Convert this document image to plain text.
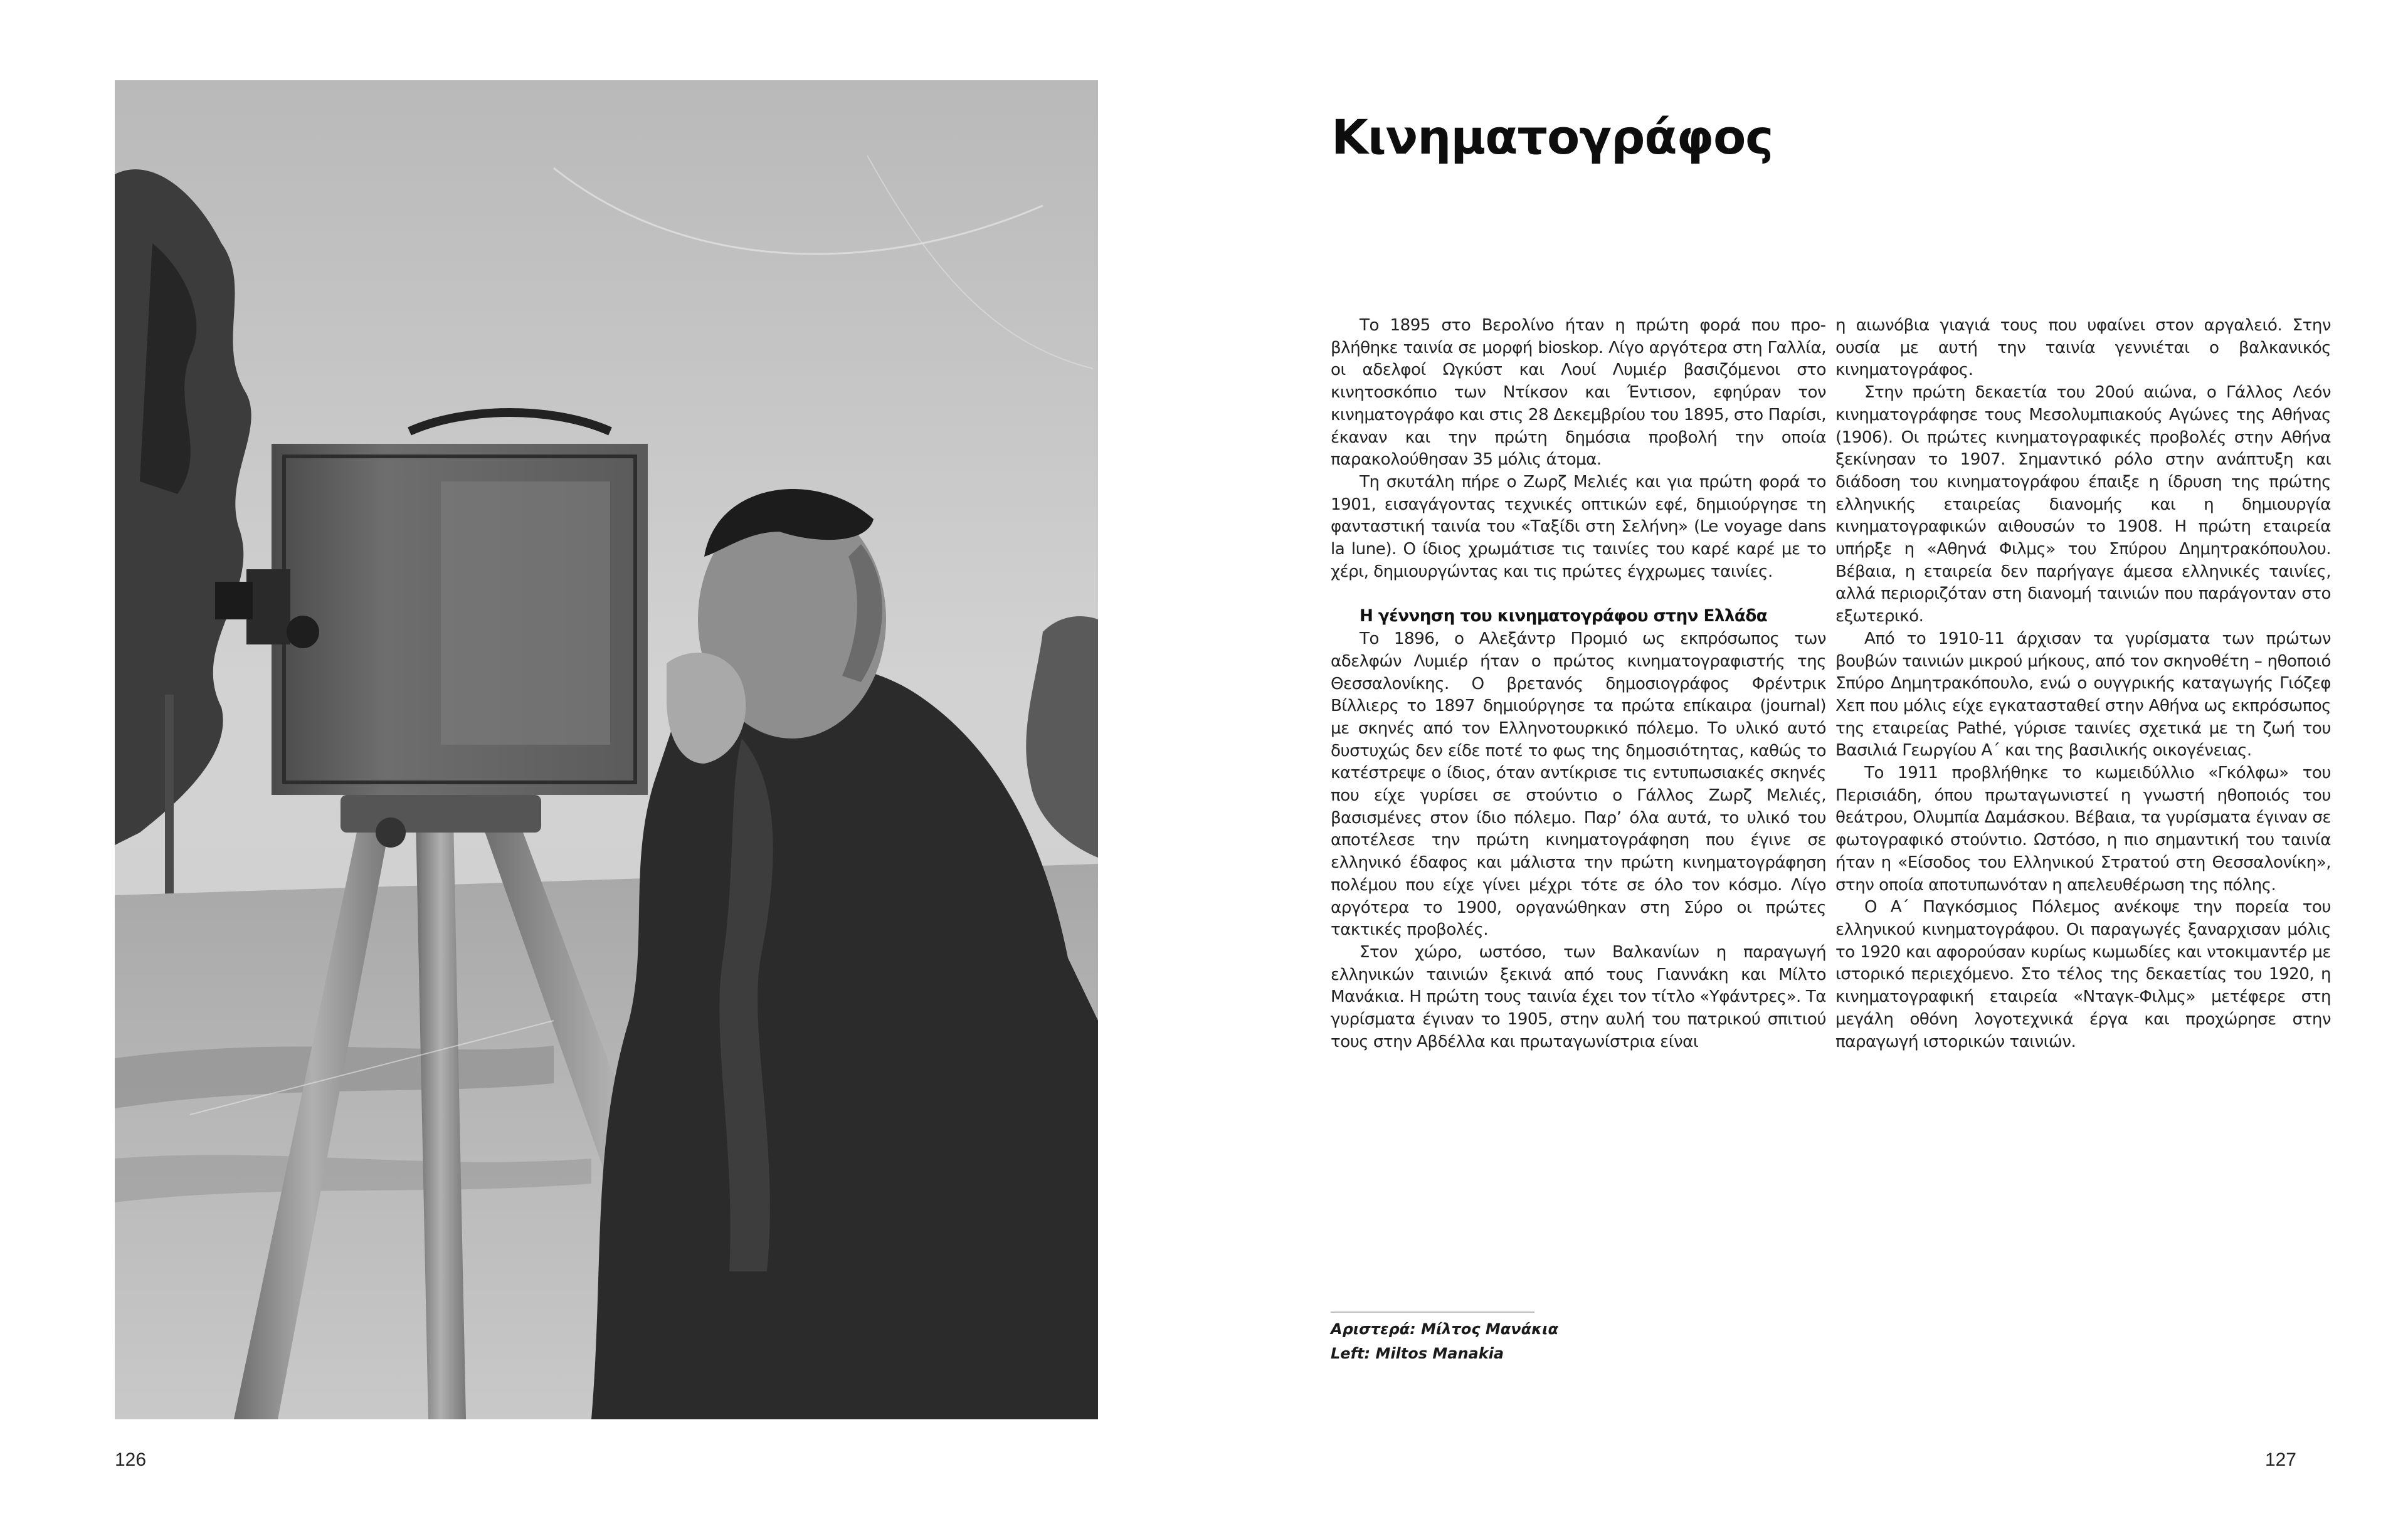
126
Κινηματογράφος

Το 1895 στο Βερολίνο ήταν η πρώτη φορά που προβλήθηκε ταινία σε μορφή bioskop. Λίγο αργότερα στη Γαλλία, οι αδελφοί Ωγκύστ και Λουί Λυμιέρ βασιζόμενοι στο κινητοσκόπιο των Ντίκσον και Έντισον, εφηύραν τον κινηματογράφο και στις 28 Δεκεμβρίου του 1895, στο Παρίσι, έκαναν και την πρώτη δημόσια προβολή την οποία παρακολούθησαν 35 μόλις άτομα.

Τη σκυτάλη πήρε ο Ζωρζ Μελιές και για πρώτη φορά το 1901, εισαγάγοντας τεχνικές οπτικών εφέ, δημιούργησε τη φανταστική ταινία του «Ταξίδι στη Σελήνη» (Le voyage dans la lune). Ο ίδιος χρωμάτισε τις ταινίες του καρέ καρέ με το χέρι, δημιουργώντας και τις πρώτες έγχρωμες ταινίες.

Η γέννηση του κινηματογράφου στην Ελλάδα

Το 1896, ο Αλεξάντρ Προμιό ως εκπρόσωπος των αδελφών Λυμιέρ ήταν ο πρώτος κινηματογραφιστής της Θεσσαλονίκης. Ο βρετανός δημοσιογράφος Φρέντρικ Βίλλιερς το 1897 δημιούργησε τα πρώτα επίκαιρα (journal) με σκηνές από τον Ελληνοτουρκικό πόλεμο. Το υλικό αυτό δυστυχώς δεν είδε ποτέ το φως της δημοσιότητας, καθώς το κατέστρεψε ο ίδιος, όταν αντίκρισε τις εντυπωσιακές σκηνές που είχε γυρίσει σε στούντιο ο Γάλλος Ζωρζ Μελιές, βασισμένες στον ίδιο πόλεμο. Παρ’ όλα αυτά, το υλικό του αποτέλεσε την πρώτη κινηματογράφηση που έγινε σε ελληνικό έδαφος και μάλιστα την πρώτη κινηματογράφηση πολέμου που είχε γίνει μέχρι τότε σε όλο τον κόσμο. Λίγο αργότερα το 1900, οργανώθηκαν στη Σύρο οι πρώτες τακτικές προβολές.

Στον χώρο, ωστόσο, των Βαλκανίων η παραγωγή ελληνικών ταινιών ξεκινά από τους Γιαννάκη και Μίλτο Μανάκια. Η πρώτη τους ταινία έχει τον τίτλο «Υφάντρες». Τα γυρίσματα έγιναν το 1905, στην αυλή του πατρικού σπιτιού τους στην Αβδέλλα και πρωταγωνίστρια είναι

η αιωνόβια γιαγιά τους που υφαίνει στον αργαλειό. Στην ουσία με αυτή την ταινία γεννιέται ο βαλκανικός κινηματογράφος.

Στην πρώτη δεκαετία του 20ού αιώνα, ο Γάλλος Λεόν κινηματογράφησε τους Μεσολυμπιακούς Αγώνες της Αθήνας (1906). Οι πρώτες κινηματογραφικές προβολές στην Αθήνα ξεκίνησαν το 1907. Σημαντικό ρόλο στην ανάπτυξη και διάδοση του κινηματογράφου έπαιξε η ίδρυση της πρώτης ελληνικής εταιρείας διανομής και η δημιουργία κινηματογραφικών αιθουσών το 1908. Η πρώτη εταιρεία υπήρξε η «Αθηνά Φιλμς» του Σπύρου Δημητρακόπουλου. Βέβαια, η εταιρεία δεν παρήγαγε άμεσα ελληνικές ταινίες, αλλά περιοριζόταν στη διανομή ταινιών που παράγονταν στο εξωτερικό.

Από το 1910-11 άρχισαν τα γυρίσματα των πρώτων βουβών ταινιών μικρού μήκους, από τον σκηνοθέτη – ηθοποιό Σπύρο Δημητρακόπουλο, ενώ ο ουγγρικής καταγωγής Γιόζεφ Χεπ που μόλις είχε εγκατασταθεί στην Αθήνα ως εκπρόσωπος της εταιρείας Pathé, γύρισε ταινίες σχετικά με τη ζωή του Βασιλιά Γεωργίου Α΄ και της βασιλικής οικογένειας.

Το 1911 προβλήθηκε το κωμειδύλλιο «Γκόλφω» του Περισιάδη, όπου πρωταγωνιστεί η γνωστή ηθοποιός του θεάτρου, Ολυμπία Δαμάσκου. Βέβαια, τα γυρίσματα έγιναν σε φωτογραφικό στούντιο. Ωστόσο, η πιο σημαντική του ταινία ήταν η «Είσοδος του Ελληνικού Στρατού στη Θεσσαλονίκη», στην οποία αποτυπωνόταν η απελευθέρωση της πόλης.

Ο Α΄ Παγκόσμιος Πόλεμος ανέκοψε την πορεία του ελληνικού κινηματογράφου. Οι παραγωγές ξαναρχισαν μόλις το 1920 και αφορούσαν κυρίως κωμωδίες και ντοκιμαντέρ με ιστορικό περιεχόμενο. Στο τέλος της δεκαετίας του 1920, η κινηματογραφική εταιρεία «Νταγκ-Φιλμς» μετέφερε στη μεγάλη οθόνη λογοτεχνικά έργα και προχώρησε στην παραγωγή ιστορικών ταινιών.

Αριστερά: Μίλτος Μανάκια
Left: Miltos Manakia
127
